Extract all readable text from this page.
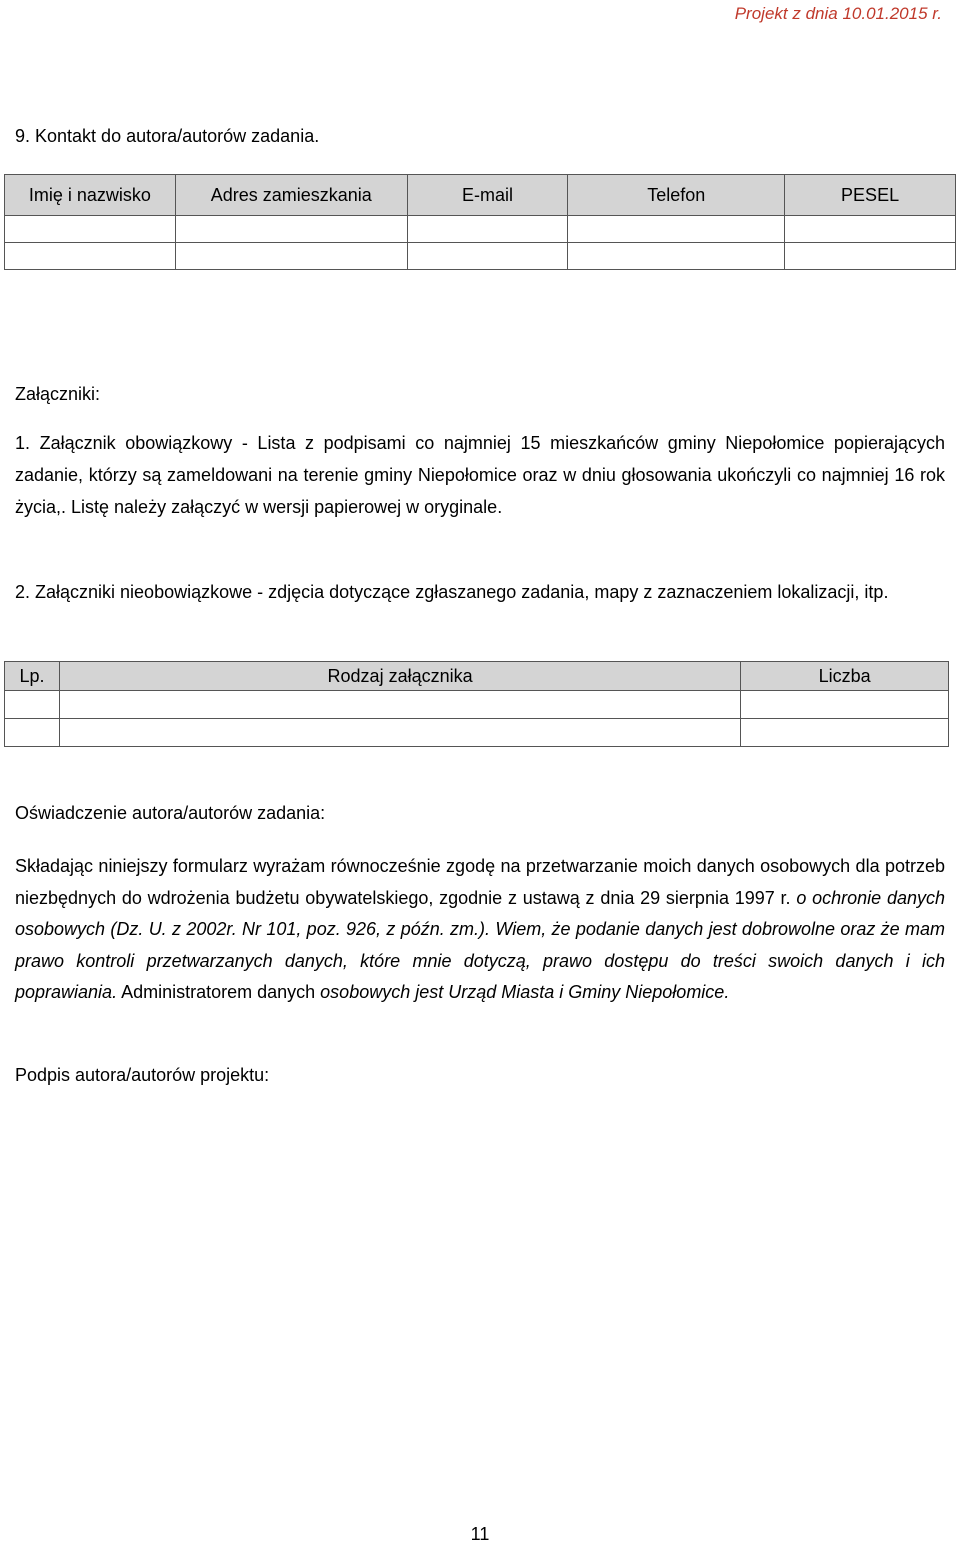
Projekt z dnia 10.01.2015 r.
9. Kontakt do autora/autorów zadania.
Imię i nazwisko	Adres zamieszkania	E-mail	Telefon	PESEL

Załączniki:
1. Załącznik obowiązkowy - Lista z podpisami co najmniej 15 mieszkańców gminy Niepołomice popierających zadanie, którzy są zameldowani na terenie gminy Niepołomice oraz w dniu głosowania ukończyli co najmniej 16 rok życia,. Listę należy załączyć w wersji papierowej w oryginale.
2. Załączniki nieobowiązkowe - zdjęcia dotyczące zgłaszanego zadania, mapy z zaznaczeniem lokalizacji, itp.
Lp.	Rodzaj załącznika	Liczba

Oświadczenie autora/autorów zadania:
Składając niniejszy formularz wyrażam równocześnie zgodę na przetwarzanie moich danych osobowych dla potrzeb niezbędnych do wdrożenia budżetu obywatelskiego, zgodnie z ustawą z dnia 29 sierpnia 1997 r. o ochronie danych osobowych (Dz. U. z 2002r. Nr 101, poz. 926, z późn. zm.). Wiem, że podanie danych jest dobrowolne oraz że mam prawo kontroli przetwarzanych danych, które mnie dotyczą, prawo dostępu do treści swoich danych i ich poprawiania. Administratorem danych osobowych jest Urząd Miasta i Gminy Niepołomice.
Podpis autora/autorów projektu:
11
